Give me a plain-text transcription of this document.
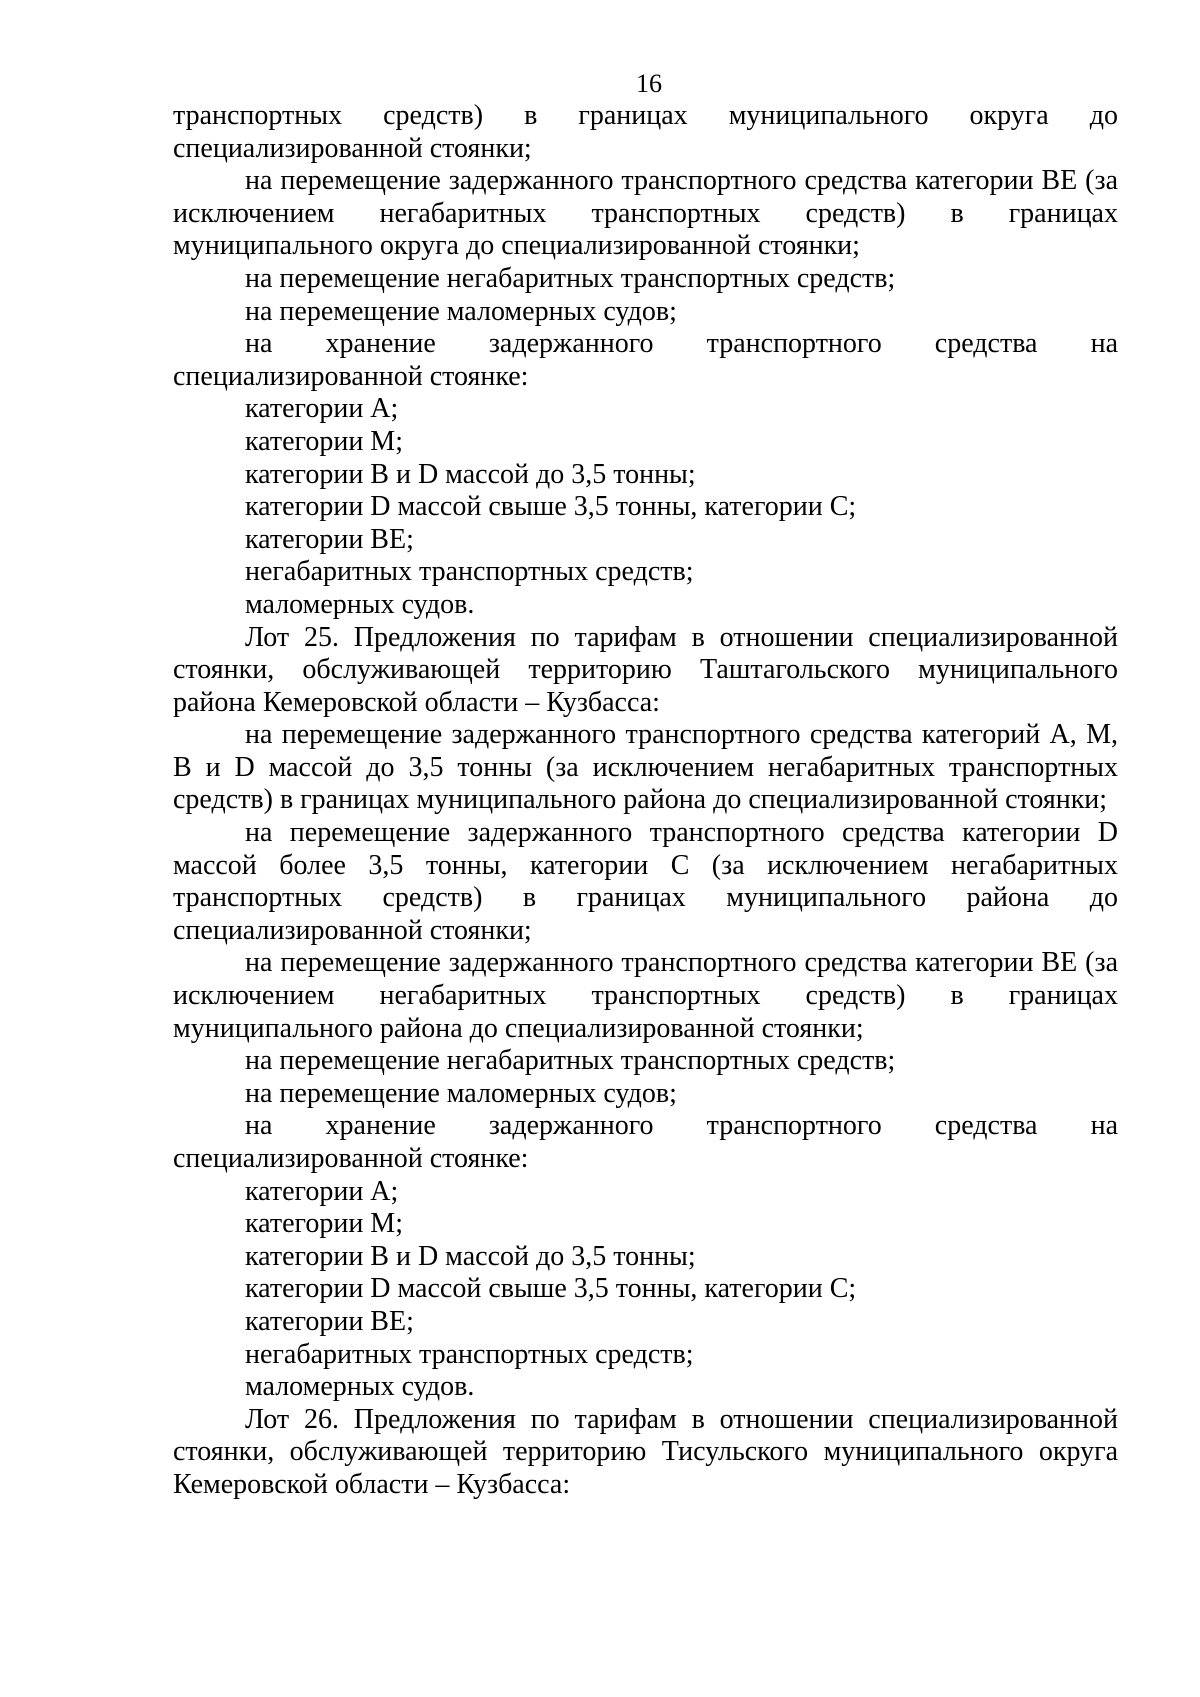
16

транспортных средств) в границах муниципального округа до специализированной стоянки;

на перемещение задержанного транспортного средства категории ВЕ (за исключением негабаритных транспортных средств) в границах муниципального округа до специализированной стоянки;

на перемещение негабаритных транспортных средств;

на перемещение маломерных судов;

на хранение задержанного транспортного средства на специализированной стоянке:

категории А;

категории М;

категории B и D массой до 3,5 тонны;

категории D массой свыше 3,5 тонны, категории C;

категории ВЕ;

негабаритных транспортных средств;

маломерных судов.

Лот 25. Предложения по тарифам в отношении специализированной стоянки, обслуживающей территорию Таштагольского муниципального района Кемеровской области – Кузбасса:

на перемещение задержанного транспортного средства категорий А, М, В и D массой до 3,5 тонны (за исключением негабаритных транспортных средств) в границах муниципального района до специализированной стоянки;

на перемещение задержанного транспортного средства категории D массой более 3,5 тонны, категории С (за исключением негабаритных транспортных средств) в границах муниципального района до специализированной стоянки;

на перемещение задержанного транспортного средства категории ВЕ (за исключением негабаритных транспортных средств) в границах муниципального района до специализированной стоянки;

на перемещение негабаритных транспортных средств;

на перемещение маломерных судов;

на хранение задержанного транспортного средства на специализированной стоянке:

категории А;

категории М;

категории B и D массой до 3,5 тонны;

категории D массой свыше 3,5 тонны, категории C;

категории ВЕ;

негабаритных транспортных средств;

маломерных судов.

Лот 26. Предложения по тарифам в отношении специализированной стоянки, обслуживающей территорию Тисульского муниципального округа Кемеровской области – Кузбасса:
